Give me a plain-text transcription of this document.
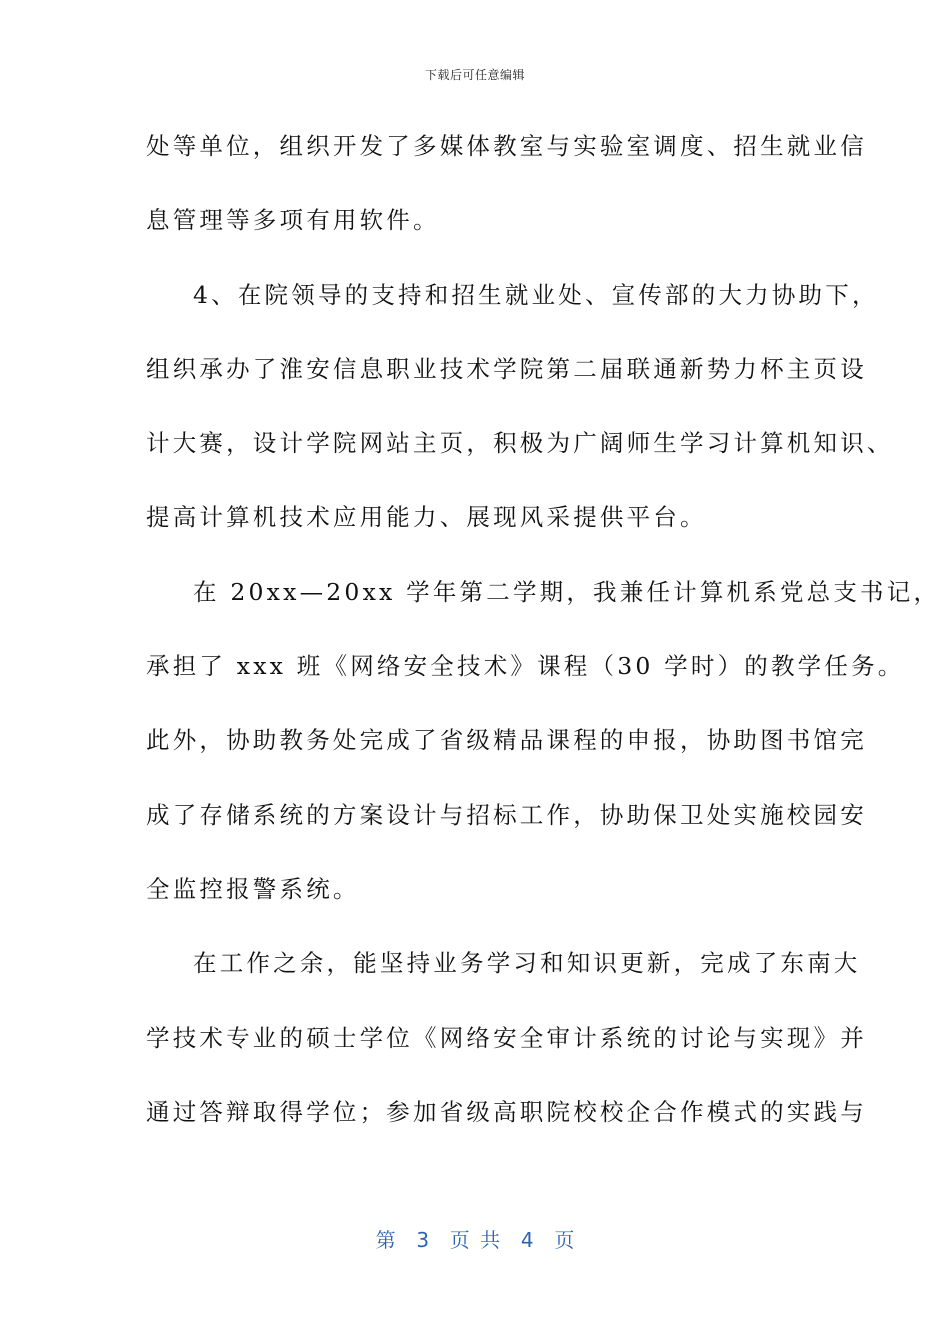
下载后可任意编辑
处等单位，组织开发了多媒体教室与实验室调度、招生就业信
息管理等多项有用软件。
4、在院领导的支持和招生就业处、宣传部的大力协助下，
组织承办了淮安信息职业技术学院第二届联通新势力杯主页设
计大赛，设计学院网站主页，积极为广阔师生学习计算机知识、
提高计算机技术应用能力、展现风采提供平台。
在 20xx—20xx 学年第二学期，我兼任计算机系党总支书记，
承担了 xxx 班《网络安全技术》课程（30 学时）的教学任务。
此外，协助教务处完成了省级精品课程的申报，协助图书馆完
成了存储系统的方案设计与招标工作，协助保卫处实施校园安
全监控报警系统。
在工作之余，能坚持业务学习和知识更新，完成了东南大
学技术专业的硕士学位《网络安全审计系统的讨论与实现》并
通过答辩取得学位；参加省级高职院校校企合作模式的实践与
第  3  页 共  4  页
